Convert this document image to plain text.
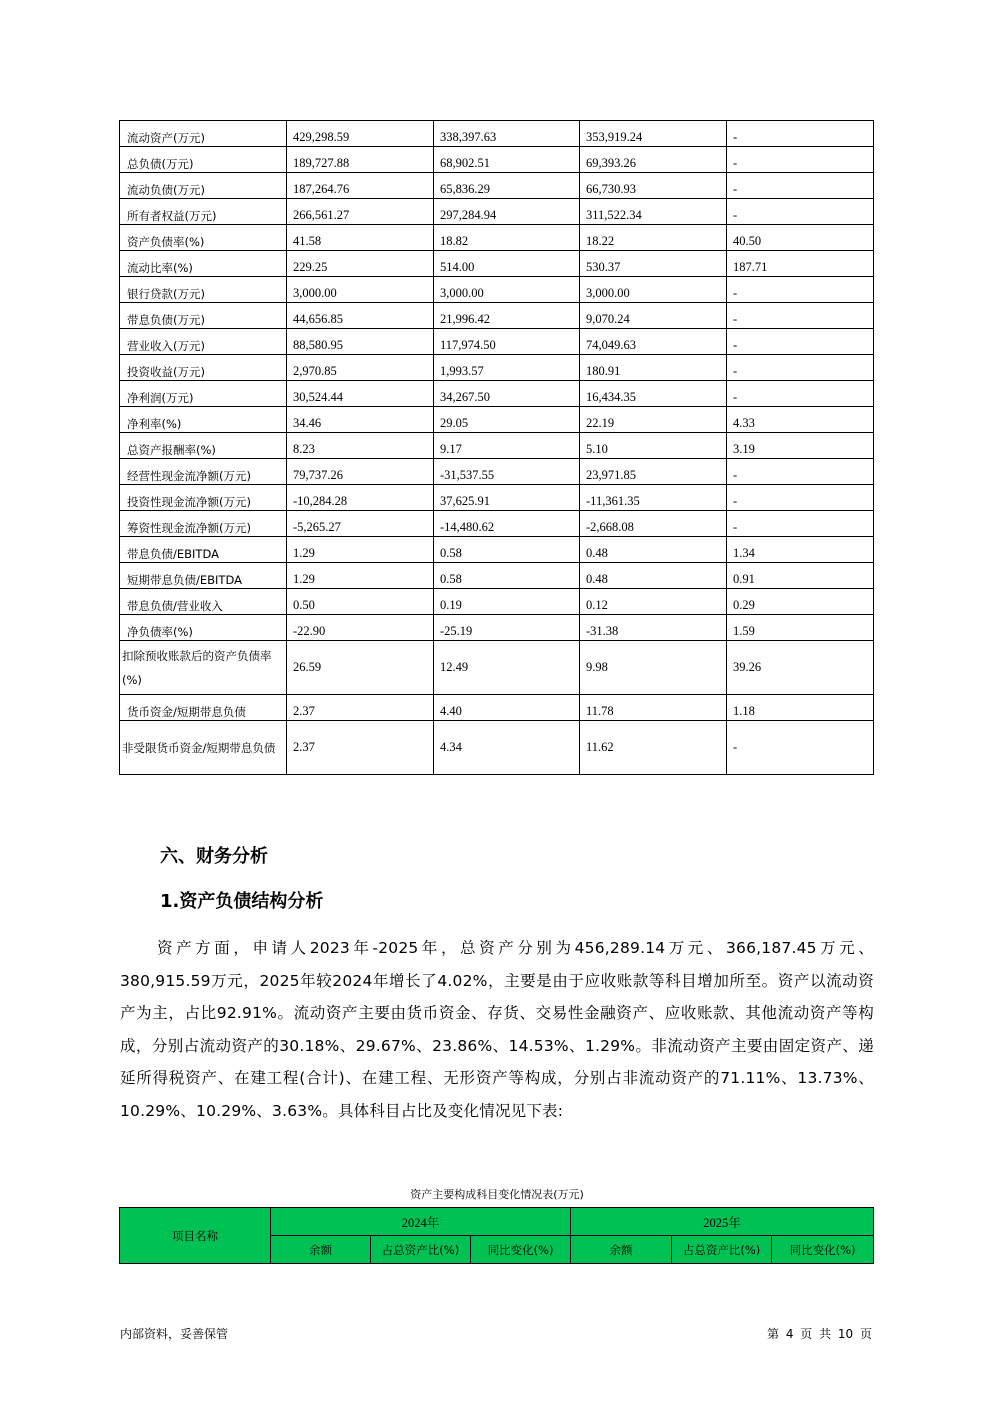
流动资产(万元)	429,298.59	338,397.63	353,919.24	-
总负债(万元)	189,727.88	68,902.51	69,393.26	-
流动负债(万元)	187,264.76	65,836.29	66,730.93	-
所有者权益(万元)	266,561.27	297,284.94	311,522.34	-
资产负债率(%)	41.58	18.82	18.22	40.50
流动比率(%)	229.25	514.00	530.37	187.71
银行贷款(万元)	3,000.00	3,000.00	3,000.00	-
带息负债(万元)	44,656.85	21,996.42	9,070.24	-
营业收入(万元)	88,580.95	117,974.50	74,049.63	-
投资收益(万元)	2,970.85	1,993.57	180.91	-
净利润(万元)	30,524.44	34,267.50	16,434.35	-
净利率(%)	34.46	29.05	22.19	4.33
总资产报酬率(%)	8.23	9.17	5.10	3.19
经营性现金流净额(万元)	79,737.26	-31,537.55	23,971.85	-
投资性现金流净额(万元)	-10,284.28	37,625.91	-11,361.35	-
筹资性现金流净额(万元)	-5,265.27	-14,480.62	-2,668.08	-
带息负债/EBITDA	1.29	0.58	0.48	1.34
短期带息负债/EBITDA	1.29	0.58	0.48	0.91
带息负债/营业收入	0.50	0.19	0.12	0.29
净负债率(%)	-22.90	-25.19	-31.38	1.59
扣除预收账款后的资产负债率(%)	26.59	12.49	9.98	39.26
货币资金/短期带息负债	2.37	4.40	11.78	1.18
非受限货币资金/短期带息负债	2.37	4.34	11.62	-
六、财务分析
1.资产负债结构分析

资产方面，申请人2023年-2025年，总资产分别为456,289.14万元、366,187.45万元、380,915.59万元，2025年较2024年增长了4.02%，主要是由于应收账款等科目增加所至。资产以流动资产为主，占比92.91%。流动资产主要由货币资金、存货、交易性金融资产、应收账款、其他流动资产等构成，分别占流动资产的30.18%、29.67%、23.86%、14.53%、1.29%。非流动资产主要由固定资产、递延所得税资产、在建工程(合计)、在建工程、无形资产等构成，分别占非流动资产的71.11%、13.73%、10.29%、10.29%、3.63%。具体科目占比及变化情况见下表:

资产主要构成科目变化情况表(万元)
项目名称	2024年			2025年		
	余额	占总资产比(%)	同比变化(%)	余额	占总资产比(%)	同比变化(%)
内部资料，妥善保管	第 4 页 共 10 页
